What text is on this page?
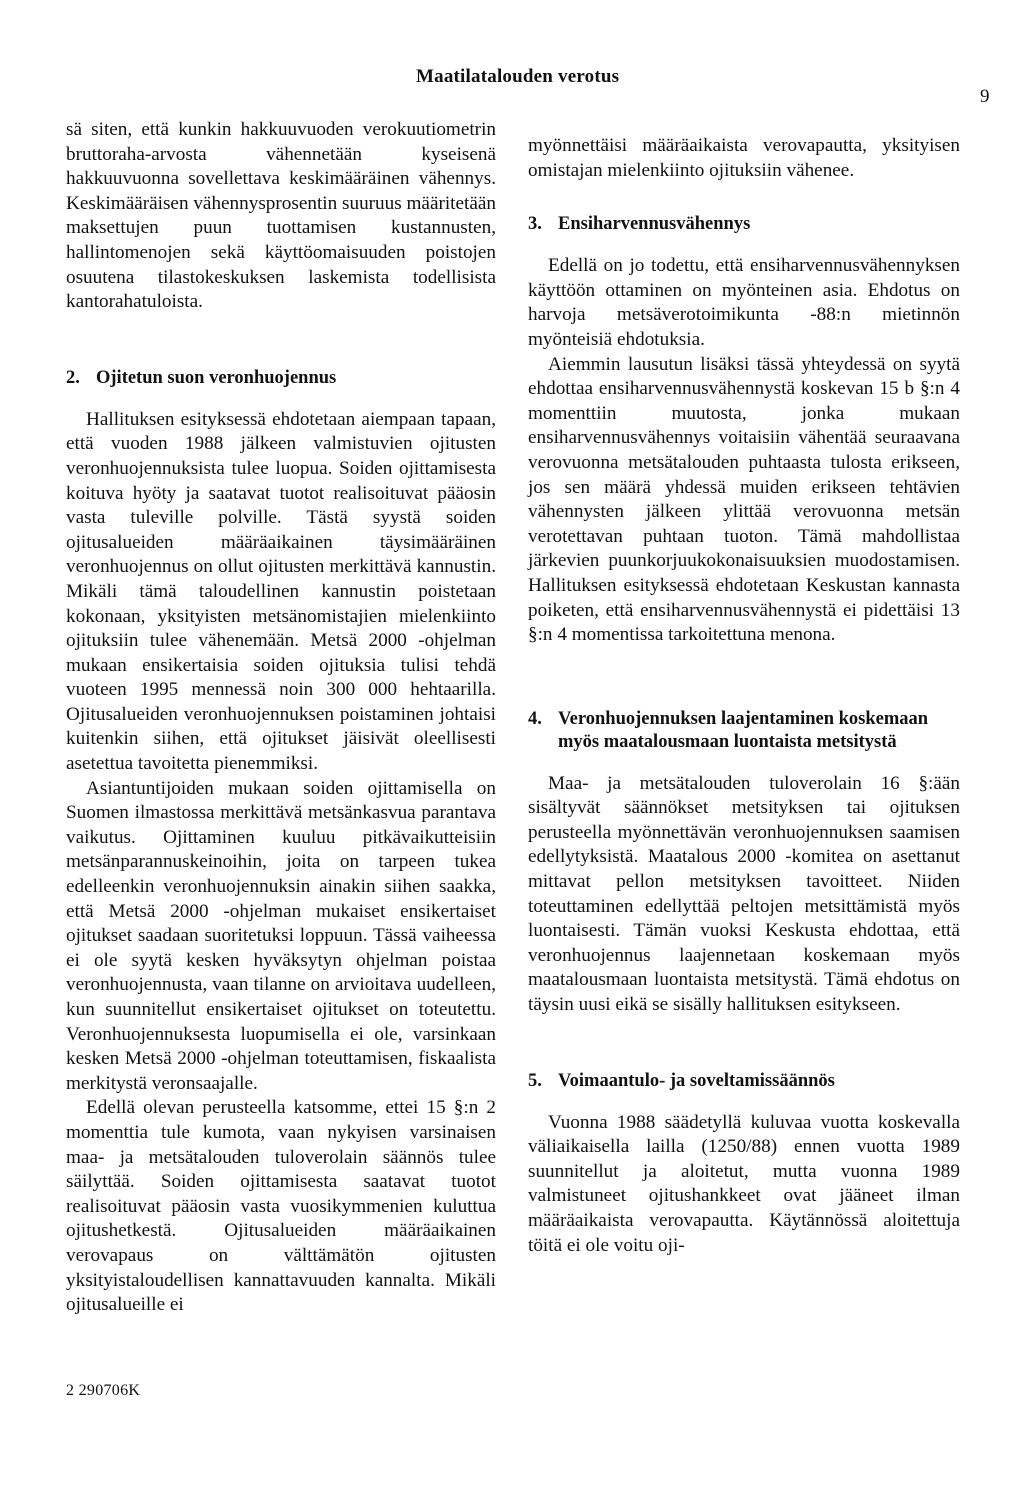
Maatilatalouden verotus
9

sä siten, että kunkin hakkuuvuoden verokuutiometrin bruttoraha-arvosta vähennetään kyseisenä hakkuuvuonna sovellettava keskimääräinen vähennys. Keskimääräisen vähennysprosentin suuruus määritetään maksettujen puun tuottamisen kustannusten, hallintomenojen sekä käyttöomaisuuden poistojen osuutena tilastokeskuksen laskemista todellisista kantorahatuloista.

2. Ojitetun suon veronhuojennus

Hallituksen esityksessä ehdotetaan aiempaan tapaan, että vuoden 1988 jälkeen valmistuvien ojitusten veronhuojennuksista tulee luopua. Soiden ojittamisesta koituva hyöty ja saatavat tuotot realisoituvat pääosin vasta tuleville polville. Tästä syystä soiden ojitusalueiden määräaikainen täysimääräinen veronhuojennus on ollut ojitusten merkittävä kannustin. Mikäli tämä taloudellinen kannustin poistetaan kokonaan, yksityisten metsänomistajien mielenkiinto ojituksiin tulee vähenemään. Metsä 2000 -ohjelman mukaan ensikertaisia soiden ojituksia tulisi tehdä vuoteen 1995 mennessä noin 300 000 hehtaarilla. Ojitusalueiden veronhuojennuksen poistaminen johtaisi kuitenkin siihen, että ojitukset jäisivät oleellisesti asetettua tavoitetta pienemmiksi.

Asiantuntijoiden mukaan soiden ojittamisella on Suomen ilmastossa merkittävä metsänkasvua parantava vaikutus. Ojittaminen kuuluu pitkävaikutteisiin metsänparannuskeinoihin, joita on tarpeen tukea edelleenkin veronhuojennuksin ainakin siihen saakka, että Metsä 2000 -ohjelman mukaiset ensikertaiset ojitukset saadaan suoritetuksi loppuun. Tässä vaiheessa ei ole syytä kesken hyväksytyn ohjelman poistaa veronhuojennusta, vaan tilanne on arvioitava uudelleen, kun suunnitellut ensikertaiset ojitukset on toteutettu. Veronhuojennuksesta luopumisella ei ole, varsinkaan kesken Metsä 2000 -ohjelman toteuttamisen, fiskaalista merkitystä veronsaajalle.

Edellä olevan perusteella katsomme, ettei 15 §:n 2 momenttia tule kumota, vaan nykyisen varsinaisen maa- ja metsätalouden tuloverolain säännös tulee säilyttää. Soiden ojittamisesta saatavat tuotot realisoituvat pääosin vasta vuosikymmenien kuluttua ojitushetkestä. Ojitusalueiden määräaikainen verovapaus on välttämätön ojitusten yksityistaloudellisen kannattavuuden kannalta. Mikäli ojitusalueille ei

myönnettäisi määräaikaista verovapautta, yksityisen omistajan mielenkiinto ojituksiin vähenee.

3. Ensiharvennusvähennys

Edellä on jo todettu, että ensiharvennusvähennyksen käyttöön ottaminen on myönteinen asia. Ehdotus on harvoja metsäverotoimikunta -88:n mietinnön myönteisiä ehdotuksia.

Aiemmin lausutun lisäksi tässä yhteydessä on syytä ehdottaa ensiharvennusvähennystä koskevan 15 b §:n 4 momenttiin muutosta, jonka mukaan ensiharvennusvähennys voitaisiin vähentää seuraavana verovuonna metsätalouden puhtaasta tulosta erikseen, jos sen määrä yhdessä muiden erikseen tehtävien vähennysten jälkeen ylittää verovuonna metsän verotettavan puhtaan tuoton. Tämä mahdollistaa järkevien puunkorjuukokonaisuuksien muodostamisen. Hallituksen esityksessä ehdotetaan Keskustan kannasta poiketen, että ensiharvennusvähennystä ei pidettäisi 13 §:n 4 momentissa tarkoitettuna menona.

4. Veronhuojennuksen laajentaminen koskemaan myös maatalousmaan luontaista metsitystä

Maa- ja metsätalouden tuloverolain 16 §:ään sisältyvät säännökset metsityksen tai ojituksen perusteella myönnettävän veronhuojennuksen saamisen edellytyksistä. Maatalous 2000 -komitea on asettanut mittavat pellon metsityksen tavoitteet. Niiden toteuttaminen edellyttää peltojen metsittämistä myös luontaisesti. Tämän vuoksi Keskusta ehdottaa, että veronhuojennus laajennetaan koskemaan myös maatalousmaan luontaista metsitystä. Tämä ehdotus on täysin uusi eikä se sisälly hallituksen esitykseen.

5. Voimaantulo- ja soveltamissäännös

Vuonna 1988 säädetyllä kuluvaa vuotta koskevalla väliaikaisella lailla (1250/88) ennen vuotta 1989 suunnitellut ja aloitetut, mutta vuonna 1989 valmistuneet ojitushankkeet ovat jääneet ilman määräaikaista verovapautta. Käytännössä aloitettuja töitä ei ole voitu oji-

2 290706K
